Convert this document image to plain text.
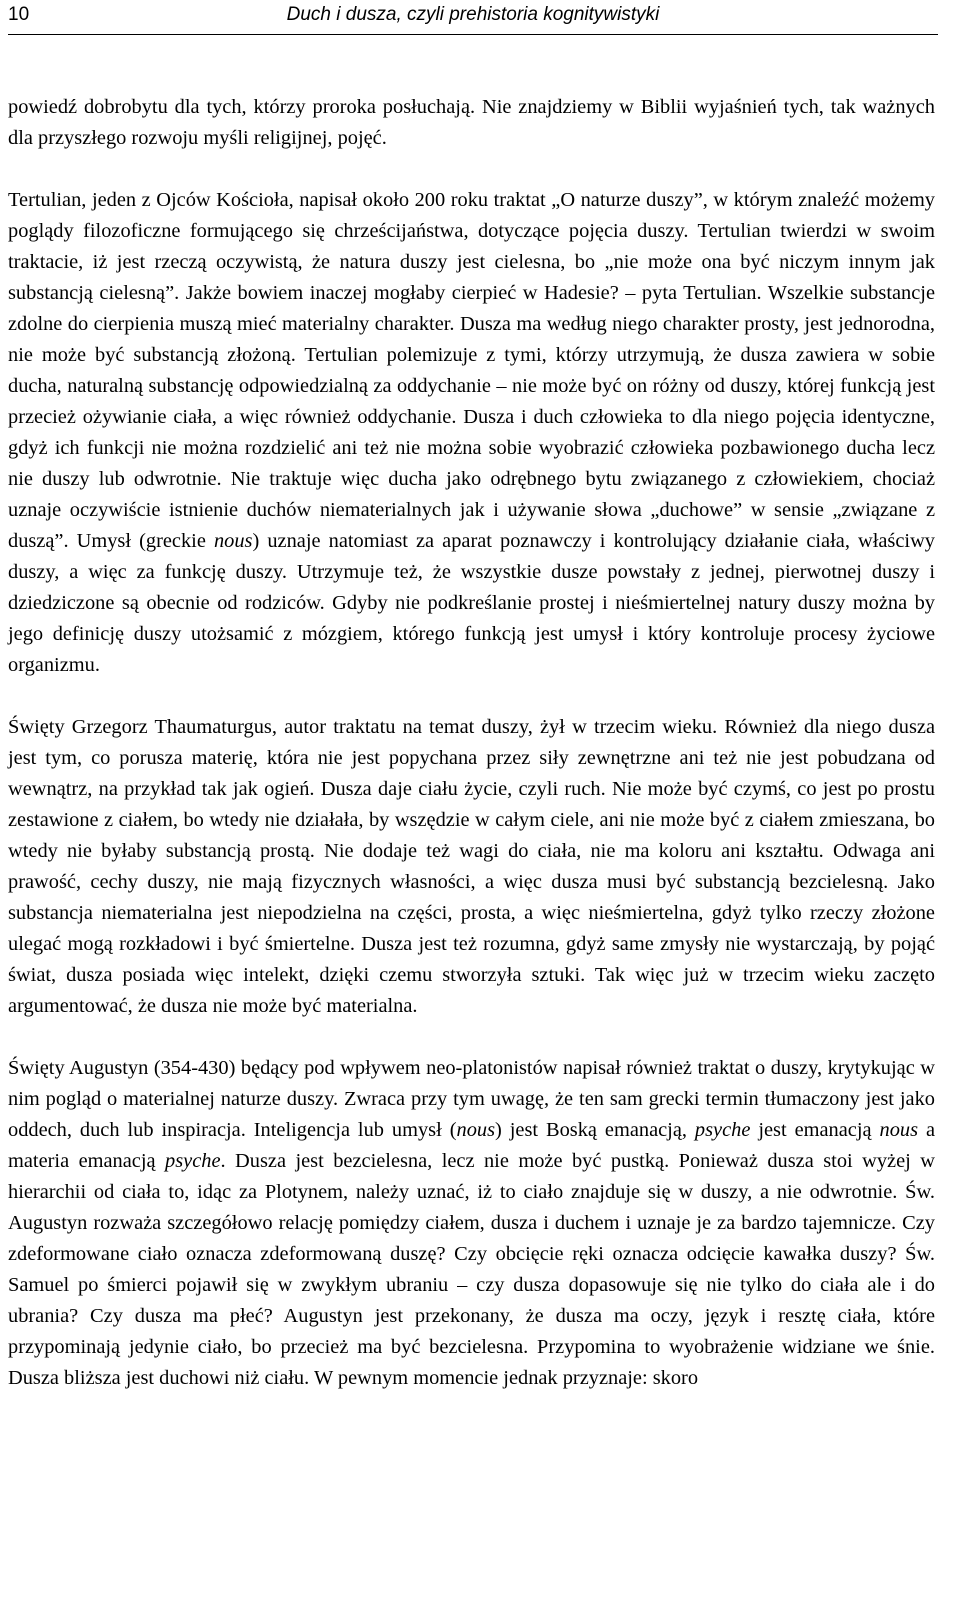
10	Duch i dusza, czyli prehistoria kognitywistyki

powiedź dobrobytu dla tych, którzy proroka posłuchają. Nie znajdziemy w Biblii wyjaśnień tych, tak ważnych dla przyszłego rozwoju myśli religijnej, pojęć.

Tertulian, jeden z Ojców Kościoła, napisał około 200 roku traktat „O naturze duszy”, w którym znaleźć możemy poglądy filozoficzne formującego się chrześcijaństwa, dotyczące pojęcia duszy. Tertulian twierdzi w swoim traktacie, iż jest rzeczą oczywistą, że natura duszy jest cielesna, bo „nie może ona być niczym innym jak substancją cielesną”. Jakże bowiem inaczej mogłaby cierpieć w Hadesie? – pyta Tertulian. Wszelkie substancje zdolne do cierpienia muszą mieć materialny charakter. Dusza ma według niego charakter prosty, jest jednorodna, nie może być substancją złożoną. Tertulian polemizuje z tymi, którzy utrzymują, że dusza zawiera w sobie ducha, naturalną substancję odpowiedzialną za oddychanie – nie może być on różny od duszy, której funkcją jest przecież ożywianie ciała, a więc również oddychanie. Dusza i duch człowieka to dla niego pojęcia identyczne, gdyż ich funkcji nie można rozdzielić ani też nie można sobie wyobrazić człowieka pozbawionego ducha lecz nie duszy lub odwrotnie. Nie traktuje więc ducha jako odrębnego bytu związanego z człowiekiem, chociaż uznaje oczywiście istnienie duchów niematerialnych jak i używanie słowa „duchowe” w sensie „związane z duszą”. Umysł (greckie nous) uznaje natomiast za aparat poznawczy i kontrolujący działanie ciała, właściwy duszy, a więc za funkcję duszy. Utrzymuje też, że wszystkie dusze powstały z jednej, pierwotnej duszy i dziedziczone są obecnie od rodziców. Gdyby nie podkreślanie prostej i nieśmiertelnej natury duszy można by jego definicję duszy utożsamić z mózgiem, którego funkcją jest umysł i który kontroluje procesy życiowe organizmu.

Święty Grzegorz Thaumaturgus, autor traktatu na temat duszy, żył w trzecim wieku. Również dla niego dusza jest tym, co porusza materię, która nie jest popychana przez siły zewnętrzne ani też nie jest pobudzana od wewnątrz, na przykład tak jak ogień. Dusza daje ciału życie, czyli ruch. Nie może być czymś, co jest po prostu zestawione z ciałem, bo wtedy nie działała, by wszędzie w całym ciele, ani nie może być z ciałem zmieszana, bo wtedy nie byłaby substancją prostą. Nie dodaje też wagi do ciała, nie ma koloru ani kształtu. Odwaga ani prawość, cechy duszy, nie mają fizycznych własności, a więc dusza musi być substancją bezcielesną. Jako substancja niematerialna jest niepodzielna na części, prosta, a więc nieśmiertelna, gdyż tylko rzeczy złożone ulegać mogą rozkładowi i być śmiertelne. Dusza jest też rozumna, gdyż same zmysły nie wystarczają, by pojąć świat, dusza posiada więc intelekt, dzięki czemu stworzyła sztuki. Tak więc już w trzecim wieku zaczęto argumentować, że dusza nie może być materialna.

Święty Augustyn (354-430) będący pod wpływem neo-platonistów napisał również traktat o duszy, krytykując w nim pogląd o materialnej naturze duszy. Zwraca przy tym uwagę, że ten sam grecki termin tłumaczony jest jako oddech, duch lub inspiracja. Inteligencja lub umysł (nous) jest Boską emanacją, psyche jest emanacją nous a materia emanacją psyche. Dusza jest bezcielesna, lecz nie może być pustką. Ponieważ dusza stoi wyżej w hierarchii od ciała to, idąc za Plotynem, należy uznać, iż to ciało znajduje się w duszy, a nie odwrotnie. Św. Augustyn rozważa szczegółowo relację pomiędzy ciałem, dusza i duchem i uznaje je za bardzo tajemnicze. Czy zdeformowane ciało oznacza zdeformowaną duszę? Czy obcięcie ręki oznacza odcięcie kawałka duszy? Św. Samuel po śmierci pojawił się w zwykłym ubraniu – czy dusza dopasowuje się nie tylko do ciała ale i do ubrania? Czy dusza ma płeć? Augustyn jest przekonany, że dusza ma oczy, język i resztę ciała, które przypominają jedynie ciało, bo przecież ma być bezcielesna. Przypomina to wyobrażenie widziane we śnie. Dusza bliższa jest duchowi niż ciału. W pewnym momencie jednak przyznaje: skoro
